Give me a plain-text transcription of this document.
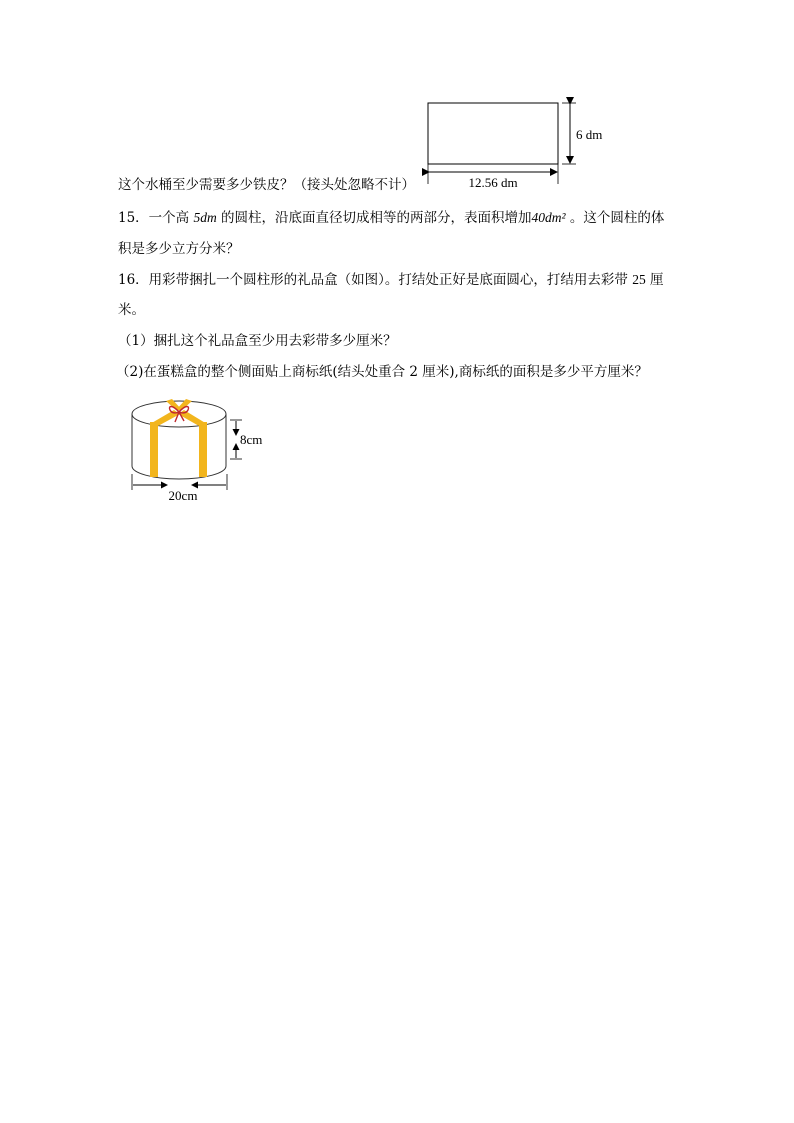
6 dm
12.56 dm
这个水桶至少需要多少铁皮？（接头处忽略不计）
15．一个高 5dm 的圆柱，沿底面直径切成相等的两部分，表面积增加40dm² 。这个圆柱的体
积是多少立方分米？
16．用彩带捆扎一个圆柱形的礼品盒（如图）。打结处正好是底面圆心，打结用去彩带 25 厘
米。
（1）捆扎这个礼品盒至少用去彩带多少厘米？
（2)在蛋糕盒的整个侧面贴上商标纸(结头处重合 2 厘米),商标纸的面积是多少平方厘米？
8cm
20cm
